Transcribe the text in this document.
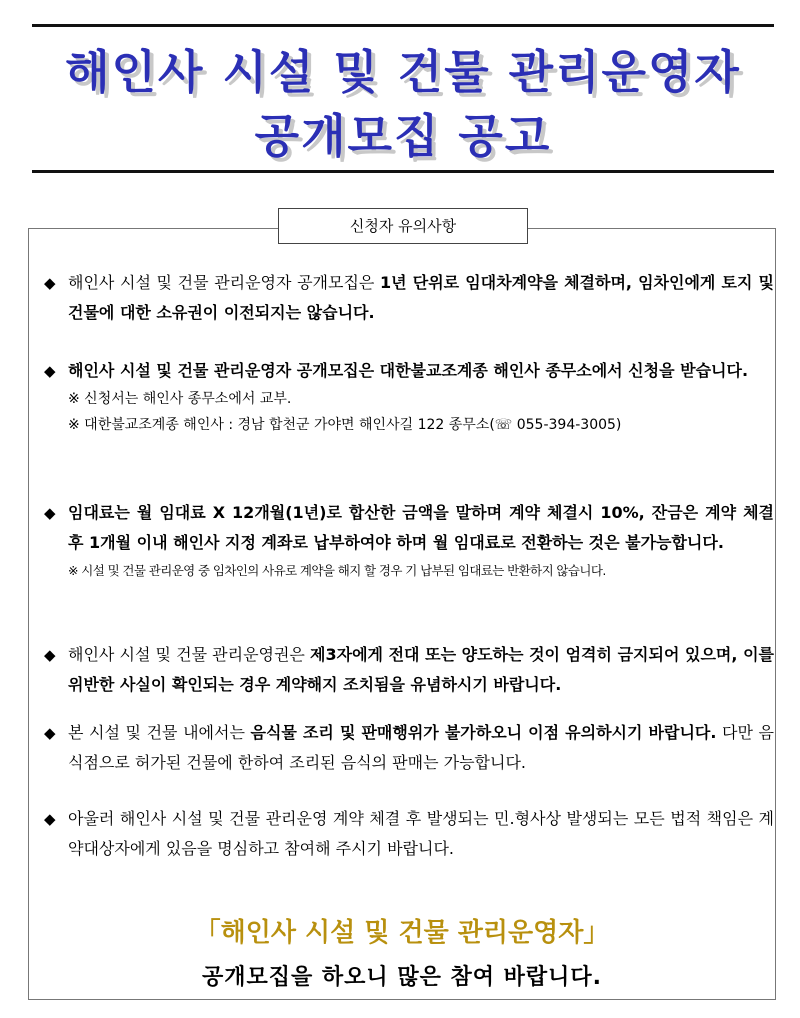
해인사 시설 및 건물 관리운영자
공개모집 공고
신청자 유의사항
◆ 해인사 시설 및 건물 관리운영자 공개모집은 1년 단위로 임대차계약을 체결하며, 임차인에게 토지 및 건물에 대한 소유권이 이전되지는 않습니다.
◆ 해인사 시설 및 건물 관리운영자 공개모집은 대한불교조계종 해인사 종무소에서 신청을 받습니다.
※ 신청서는 해인사 종무소에서 교부.
※ 대한불교조계종 해인사 : 경남 합천군 가야면 해인사길 122 종무소(☏ 055-394-3005)
◆ 임대료는 월 임대료 X 12개월(1년)로 합산한 금액을 말하며 계약 체결시 10%, 잔금은 계약 체결 후 1개월 이내 해인사 지정 계좌로 납부하여야 하며 월 임대료로 전환하는 것은 불가능합니다.
※ 시설 및 건물 관리운영 중 임차인의 사유로 계약을 해지 할 경우 기 납부된 임대료는 반환하지 않습니다.
◆ 해인사 시설 및 건물 관리운영권은 제3자에게 전대 또는 양도하는 것이 엄격히 금지되어 있으며, 이를 위반한 사실이 확인되는 경우 계약해지 조치됨을 유념하시기 바랍니다.
◆ 본 시설 및 건물 내에서는 음식물 조리 및 판매행위가 불가하오니 이점 유의하시기 바랍니다. 다만 음식점으로 허가된 건물에 한하여 조리된 음식의 판매는 가능합니다.
◆ 아울러 해인사 시설 및 건물 관리운영 계약 체결 후 발생되는 민.형사상 발생되는 모든 법적 책임은 계약대상자에게 있음을 명심하고 참여해 주시기 바랍니다.
「해인사 시설 및 건물 관리운영자」
공개모집을 하오니 많은 참여 바랍니다.
